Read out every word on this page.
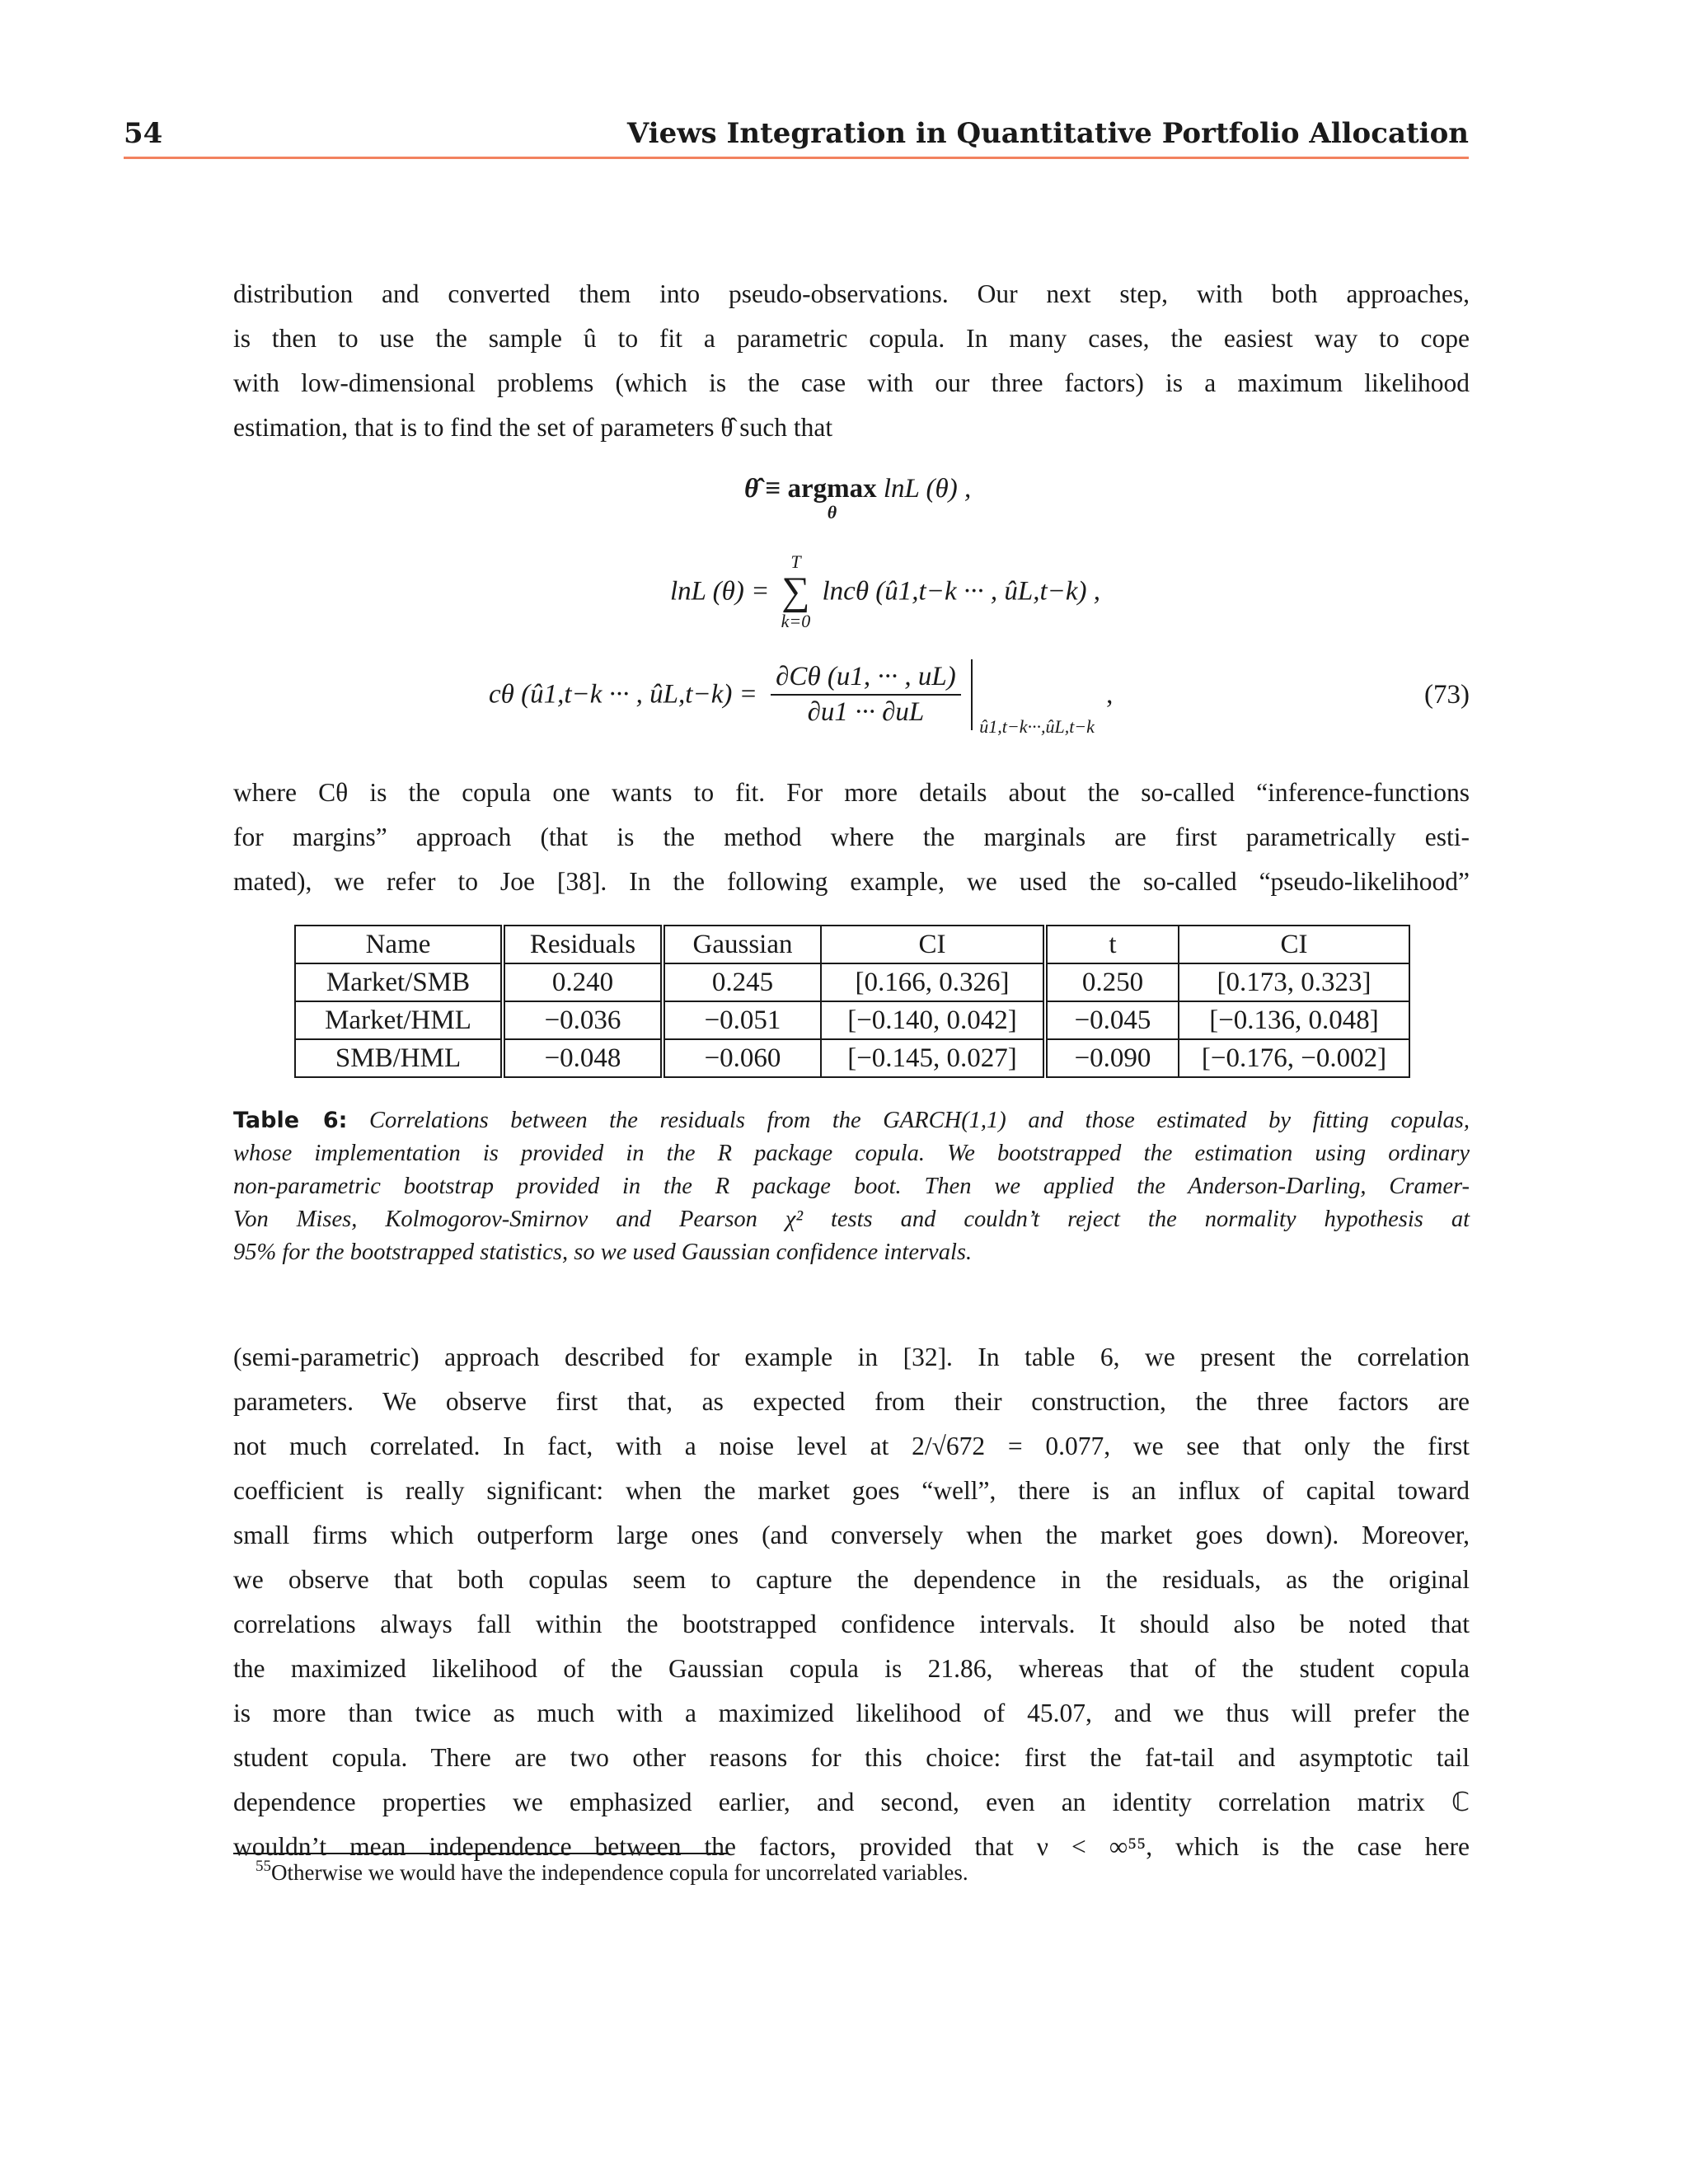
54	Views Integration in Quantitative Portfolio Allocation
distribution and converted them into pseudo-observations. Our next step, with both approaches,
is then to use the sample û to fit a parametric copula. In many cases, the easiest way to cope
with low-dimensional problems (which is the case with our three factors) is a maximum likelihood
estimation, that is to find the set of parameters θ̂ such that
θ̂ ≡ argmax
θ
lnL (θ) ,
lnL (θ) =
T
∑
k=0
lncθ (û1,t−k ··· , ûL,t−k) ,
cθ (û1,t−k ··· , ûL,t−k) = $\frac{\partial C\theta (u1, \cdot\cdot\cdot , uL)}{\partial u1 \cdot\cdot\cdot \partial uL}$ û1,t−k···,ûL,t−k ,	(73)
where Cθ is the copula one wants to fit. For more details about the so-called “inference-functions
for margins” approach (that is the method where the marginals are first parametrically esti-
mated), we refer to Joe [38]. In the following example, we used the so-called “pseudo-likelihood”
Name	Residuals	Gaussian	CI	t	CI
Market/SMB	0.240	0.245	[0.166, 0.326]	0.250	[0.173, 0.323]
Market/HML	−0.036	−0.051	[−0.140, 0.042]	−0.045	[−0.136, 0.048]
SMB/HML	−0.048	−0.060	[−0.145, 0.027]	−0.090	[−0.176, −0.002]
Table 6: Correlations between the residuals from the GARCH(1,1) and those estimated by fitting copulas,
whose implementation is provided in the R package copula. We bootstrapped the estimation using ordinary
non-parametric bootstrap provided in the R package boot. Then we applied the Anderson-Darling, Cramer-
Von Mises, Kolmogorov-Smirnov and Pearson χ² tests and couldn’t reject the normality hypothesis at
95% for the bootstrapped statistics, so we used Gaussian confidence intervals.
(semi-parametric) approach described for example in [32]. In table 6, we present the correlation
parameters. We observe first that, as expected from their construction, the three factors are
not much correlated. In fact, with a noise level at 2/√672 = 0.077, we see that only the first
coefficient is really significant: when the market goes “well”, there is an influx of capital toward
small firms which outperform large ones (and conversely when the market goes down). Moreover,
we observe that both copulas seem to capture the dependence in the residuals, as the original
correlations always fall within the bootstrapped confidence intervals. It should also be noted that
the maximized likelihood of the Gaussian copula is 21.86, whereas that of the student copula
is more than twice as much with a maximized likelihood of 45.07, and we thus will prefer the
student copula. There are two other reasons for this choice: first the fat-tail and asymptotic tail
dependence properties we emphasized earlier, and second, even an identity correlation matrix ℂ
wouldn’t mean independence between the factors, provided that ν < ∞⁵⁵, which is the case here
$^{55}$Otherwise we would have the independence copula for uncorrelated variables.
